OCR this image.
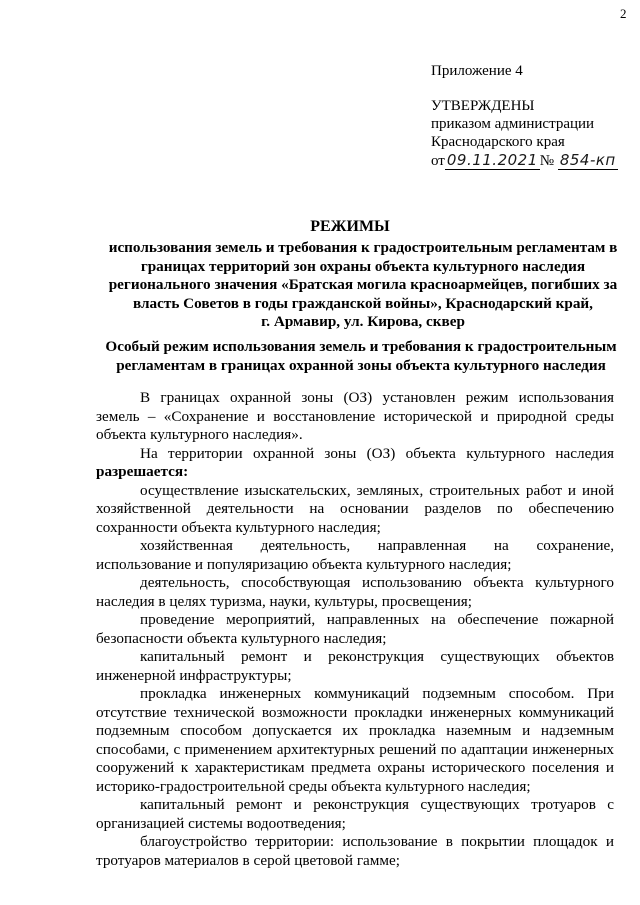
2
Приложение 4
УТВЕРЖДЕНЫ
приказом администрации
Краснодарского края
от 09.11.2021 № 854-кп
РЕЖИМЫ
использования земель и требования к градостроительным регламентам в
границах территорий зон охраны объекта культурного наследия
регионального значения «Братская могила красноармейцев, погибших за
власть Советов в годы гражданской войны», Краснодарский край,
г. Армавир, ул. Кирова, сквер
Особый режим использования земель и требования к градостроительным
регламентам в границах охранной зоны объекта культурного наследия

В границах охранной зоны (ОЗ) установлен режим использования земель – «Сохранение и восстановление исторической и природной среды объекта культурного наследия».

На территории охранной зоны (ОЗ) объекта культурного наследия разрешается:

осуществление изыскательских, земляных, строительных работ и иной хозяйственной деятельности на основании разделов по обеспечению сохранности объекта культурного наследия;

хозяйственная деятельность, направленная на сохранение, использование и популяризацию объекта культурного наследия;

деятельность, способствующая использованию объекта культурного наследия в целях туризма, науки, культуры, просвещения;

проведение мероприятий, направленных на обеспечение пожарной безопасности объекта культурного наследия;

капитальный ремонт и реконструкция существующих объектов инженерной инфраструктуры;

прокладка инженерных коммуникаций подземным способом. При отсутствие технической возможности прокладки инженерных коммуникаций подземным способом допускается их прокладка наземным и надземным способами, с применением архитектурных решений по адаптации инженерных сооружений к характеристикам предмета охраны исторического поселения и историко-градостроительной среды объекта культурного наследия;

капитальный ремонт и реконструкция существующих тротуаров с организацией системы водоотведения;

благоустройство территории: использование в покрытии площадок и тротуаров материалов в серой цветовой гамме;
